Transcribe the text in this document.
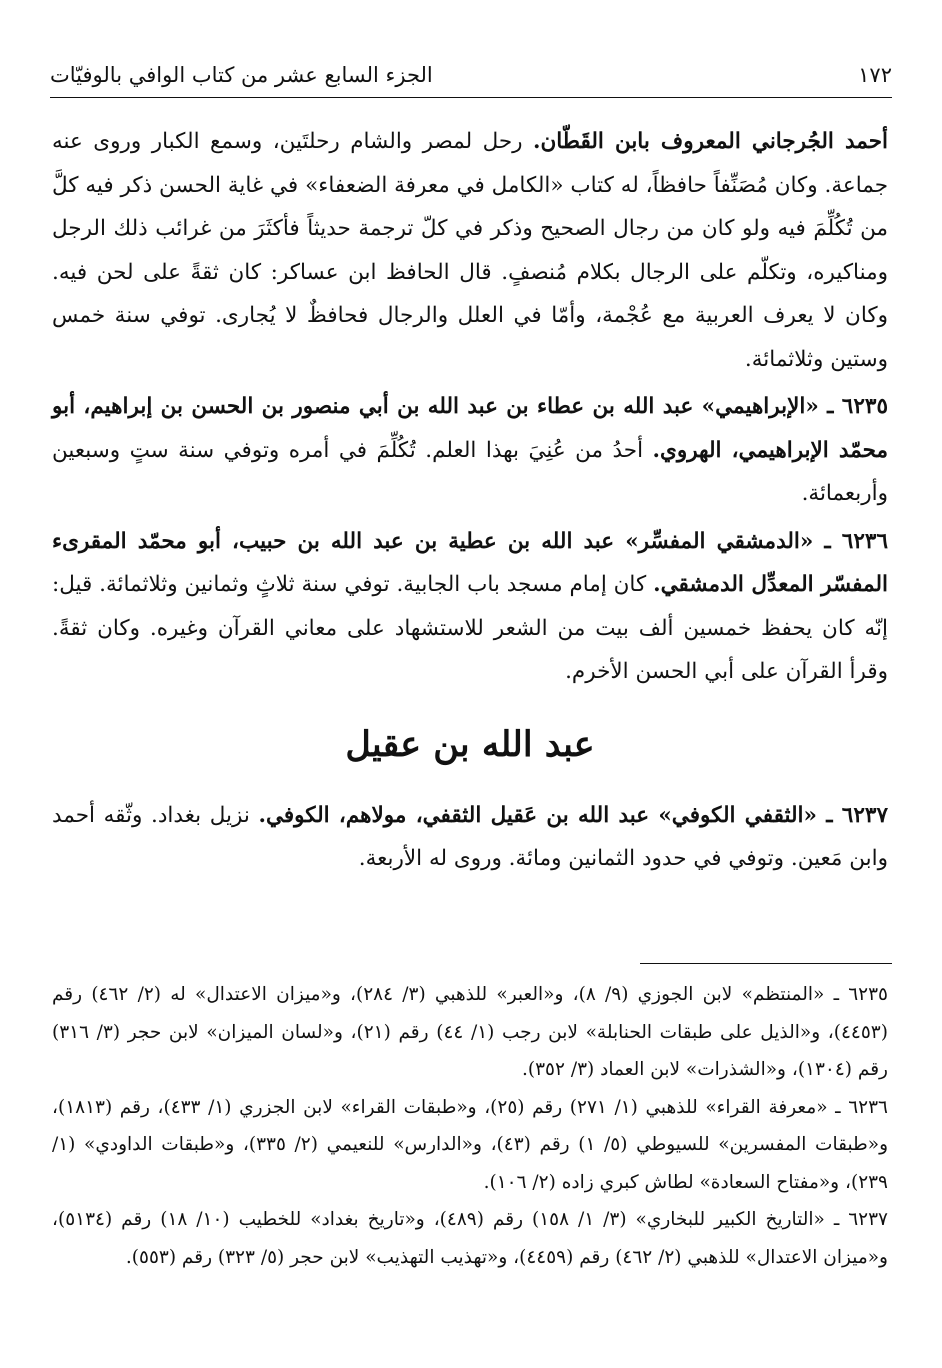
١٧٢
الجزء السابع عشر من كتاب الوافي بالوفيّات

أحمد الجُرجاني المعروف بابن القَطّان. رحل لمصر والشام رحلتَين، وسمع الكبار وروى عنه جماعة. وكان مُصَنِّفاً حافظاً، له كتاب «الكامل في معرفة الضعفاء» في غاية الحسن ذكر فيه كلَّ من تُكُلِّمَ فيه ولو كان من رجال الصحيح وذكر في كلّ ترجمة حديثاً فأكثَرَ من غرائب ذلك الرجل ومناكيره، وتكلّم على الرجال بكلام مُنصفٍ. قال الحافظ ابن عساكر: كان ثقةً على لحن فيه. وكان لا يعرف العربية مع عُجْمة، وأمّا في العلل والرجال فحافظٌ لا يُجارى. توفي سنة خمس وستين وثلاثمائة.

٦٢٣٥ ـ «الإبراهيمي» عبد الله بن عطاء بن عبد الله بن أبي منصور بن الحسن بن إبراهيم، أبو محمّد الإبراهيمي، الهروي. أحدُ من عُنِيَ بهذا العلم. تُكُلِّمَ في أمره وتوفي سنة ستٍ وسبعين وأربعمائة.

٦٢٣٦ ـ «الدمشقي المفسِّر» عبد الله بن عطية بن عبد الله بن حبيب، أبو محمّد المقرىء المفسّر المعدِّل الدمشقي. كان إمام مسجد باب الجابية. توفي سنة ثلاثٍ وثمانين وثلاثمائة. قيل: إنّه كان يحفظ خمسين ألف بيت من الشعر للاستشهاد على معاني القرآن وغيره. وكان ثقةً. وقرأ القرآن على أبي الحسن الأخرم.

عبد الله بن عقيل

٦٢٣٧ ـ «الثقفي الكوفي» عبد الله بن عَقيل الثقفي، مولاهم، الكوفي. نزيل بغداد. وثّقه أحمد وابن مَعين. وتوفي في حدود الثمانين ومائة. وروى له الأربعة.

٦٢٣٥ ـ «المنتظم» لابن الجوزي (٩/ ٨)، و«العبر» للذهبي (٣/ ٢٨٤)، و«ميزان الاعتدال» له (٢/ ٤٦٢) رقم (٤٤٥٣)، و«الذيل على طبقات الحنابلة» لابن رجب (١/ ٤٤) رقم (٢١)، و«لسان الميزان» لابن حجر (٣/ ٣١٦) رقم (١٣٠٤)، و«الشذرات» لابن العماد (٣/ ٣٥٢).

٦٢٣٦ ـ «معرفة القراء» للذهبي (١/ ٢٧١) رقم (٢٥)، و«طبقات القراء» لابن الجزري (١/ ٤٣٣)، رقم (١٨١٣)، و«طبقات المفسرين» للسيوطي (٥/ ١) رقم (٤٣)، و«الدارس» للنعيمي (٢/ ٣٣٥)، و«طبقات الداودي» (١/ ٢٣٩)، و«مفتاح السعادة» لطاش كبري زاده (٢/ ١٠٦).

٦٢٣٧ ـ «التاريخ الكبير للبخاري» (٣/ ١/ ١٥٨) رقم (٤٨٩)، و«تاريخ بغداد» للخطيب (١٠/ ١٨) رقم (٥١٣٤)، و«ميزان الاعتدال» للذهبي (٢/ ٤٦٢) رقم (٤٤٥٩)، و«تهذيب التهذيب» لابن حجر (٥/ ٣٢٣) رقم (٥٥٣).
